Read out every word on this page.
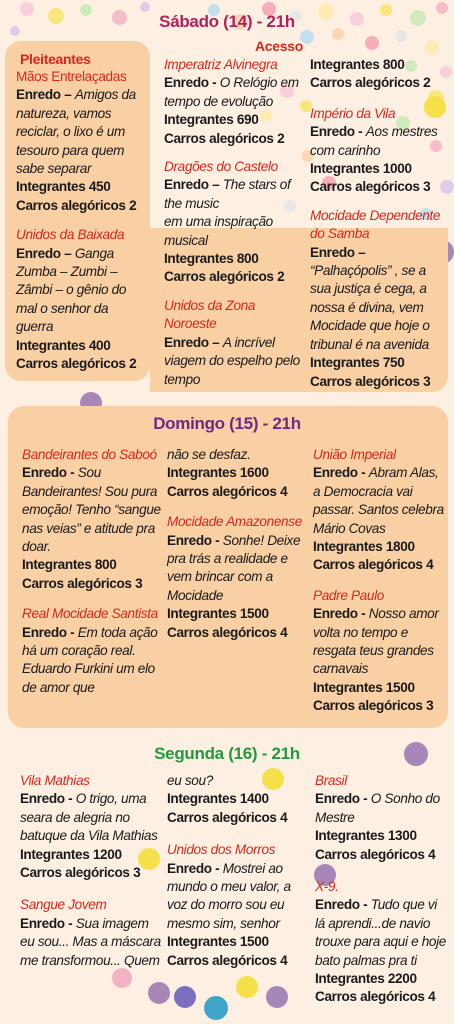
Sábado (14) - 21h
Pleiteantes
Acesso
Mãos Entrelaçadas
Enredo – Amigos da natureza, vamos reciclar, o lixo é um tesouro para quem sabe separar
Integrantes 450
Carros alegóricos 2
Unidos da Baixada
Enredo – Ganga Zumba – Zumbi – Zâmbi – o gênio do mal o senhor da guerra
Integrantes 400
Carros alegóricos 2
Imperatriz Alvinegra
Enredo - O Relógio em tempo de evolução
Integrantes 690
Carros alegóricos 2
Dragões do Castelo
Enredo – The stars of the music
em uma inspiração musical
Integrantes 800
Carros alegóricos 2
Unidos da Zona Noroeste
Enredo – A incrível viagem do espelho pelo tempo
Integrantes 800
Carros alegóricos 2
Império da Vila
Enredo - Aos mestres com carinho
Integrantes 1000
Carros alegóricos 3
Mocidade Dependente do Samba
Enredo – “Palhaçópolis” , se a sua justiça é cega, a nossa é divina, vem Mocidade que hoje o tribunal é na avenida
Integrantes 750
Carros alegóricos 3
Domingo (15) - 21h
Bandeirantes do Saboó
Enredo - Sou Bandeirantes! Sou pura emoção! Tenho “sangue nas veias” e atitude pra doar.
Integrantes 800
Carros alegóricos 3
Real Mocidade Santista
Enredo - Em toda ação há um coração real. Eduardo Furkini um elo de amor que
não se desfaz.
Integrantes 1600
Carros alegóricos 4
Mocidade Amazonense
Enredo - Sonhe! Deixe pra trás a realidade e vem brincar com a Mocidade
Integrantes 1500
Carros alegóricos 4
União Imperial
Enredo - Abram Alas, a Democracia vai passar. Santos celebra Mário Covas
Integrantes 1800
Carros alegóricos 4
Padre Paulo
Enredo - Nosso amor volta no tempo e resgata teus grandes carnavais
Integrantes 1500
Carros alegóricos 3
Segunda (16) - 21h
Vila Mathias
Enredo - O trigo, uma seara de alegria no batuque da Vila Mathias
Integrantes 1200
Carros alegóricos 3
Sangue Jovem
Enredo - Sua imagem eu sou... Mas a máscara me transformou... Quem
eu sou?
Integrantes 1400
Carros alegóricos 4
Unidos dos Morros
Enredo - Mostrei ao mundo o meu valor, a voz do morro sou eu mesmo sim, senhor
Integrantes 1500
Carros alegóricos 4
Brasil
Enredo - O Sonho do Mestre
Integrantes 1300
Carros alegóricos 4
X-9.
Enredo - Tudo que vi lá aprendi...de navio trouxe para aqui e hoje bato palmas pra ti
Integrantes 2200
Carros alegóricos 4
